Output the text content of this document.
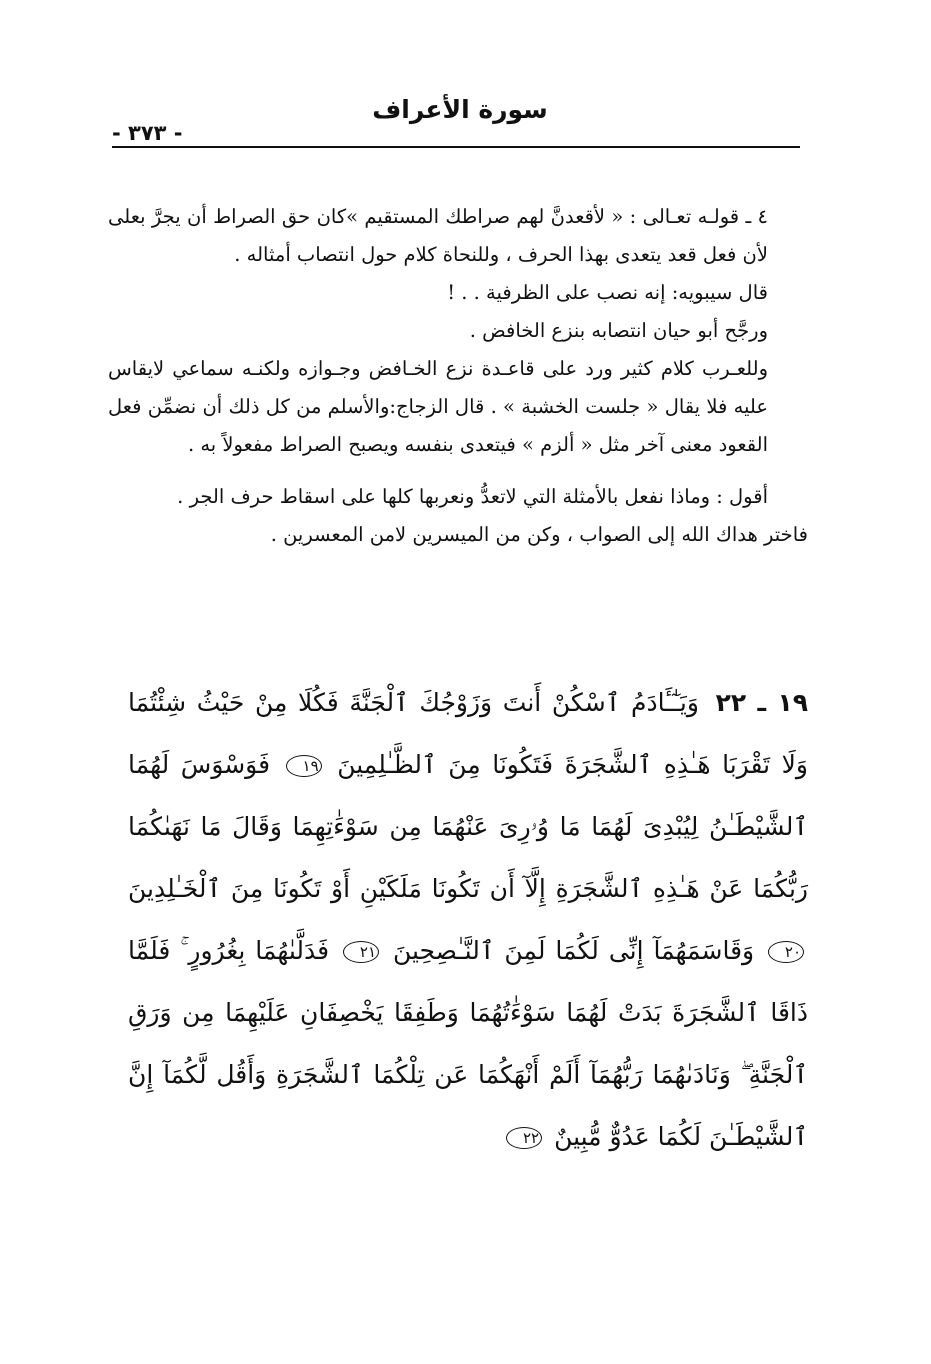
سورة الأعراف
- ٣٧٣ -

٤ ـ قولـه تعـالى : « لأقعدنَّ لهم صراطك المستقيم »كان حق الصراط أن يجرَّ بعلى لأن فعل قعد يتعدى بهذا الحرف ، وللنحاة كلام حول انتصاب أمثاله .

قال سيبويه: إنه نصب على الظرفية . . !

ورجَّح أبو حيان انتصابه بنزع الخافض .

وللعـرب كلام كثير ورد على قاعـدة نزع الخـافض وجـوازه ولكنـه سماعي لايقاس عليه فلا يقال « جلست الخشبة » . قال الزجاج:والأسلم من كل ذلك أن نضمِّن فعل القعود معنى آخر مثل « ألزم » فيتعدى بنفسه ويصبح الصراط مفعولاً به .

أقول : وماذا نفعل بالأمثلة التي لاتعدُّ ونعربها كلها على اسقاط حرف الجر .

فاختر هداك الله إلى الصواب ، وكن من الميسرين لامن المعسرين .

١٩ ـ ٢٢ وَيَـٰٓـَٔادَمُ ٱسْكُنْ أَنتَ وَزَوْجُكَ ٱلْجَنَّةَ فَكُلَا مِنْ حَيْثُ شِئْتُمَا وَلَا تَقْرَبَا هَـٰذِهِ ٱلشَّجَرَةَ فَتَكُونَا مِنَ ٱلظَّـٰلِمِينَ ١٩ فَوَسْوَسَ لَهُمَا ٱلشَّيْطَـٰنُ لِيُبْدِىَ لَهُمَا مَا وُۥرِىَ عَنْهُمَا مِن سَوْءَٰتِهِمَا وَقَالَ مَا نَهَىٰكُمَا رَبُّكُمَا عَنْ هَـٰذِهِ ٱلشَّجَرَةِ إِلَّآ أَن تَكُونَا مَلَكَيْنِ أَوْ تَكُونَا مِنَ ٱلْخَـٰلِدِينَ ٢٠ وَقَاسَمَهُمَآ إِنِّى لَكُمَا لَمِنَ ٱلنَّـٰصِحِينَ ٢١ فَدَلَّىٰهُمَا بِغُرُورٍ ۚ فَلَمَّا ذَاقَا ٱلشَّجَرَةَ بَدَتْ لَهُمَا سَوْءَٰتُهُمَا وَطَفِقَا يَخْصِفَانِ عَلَيْهِمَا مِن وَرَقِ ٱلْجَنَّةِ ۖ وَنَادَىٰهُمَا رَبُّهُمَآ أَلَمْ أَنْهَكُمَا عَن تِلْكُمَا ٱلشَّجَرَةِ وَأَقُل لَّكُمَآ إِنَّ ٱلشَّيْطَـٰنَ لَكُمَا عَدُوٌّ مُّبِينٌ ٢٢
